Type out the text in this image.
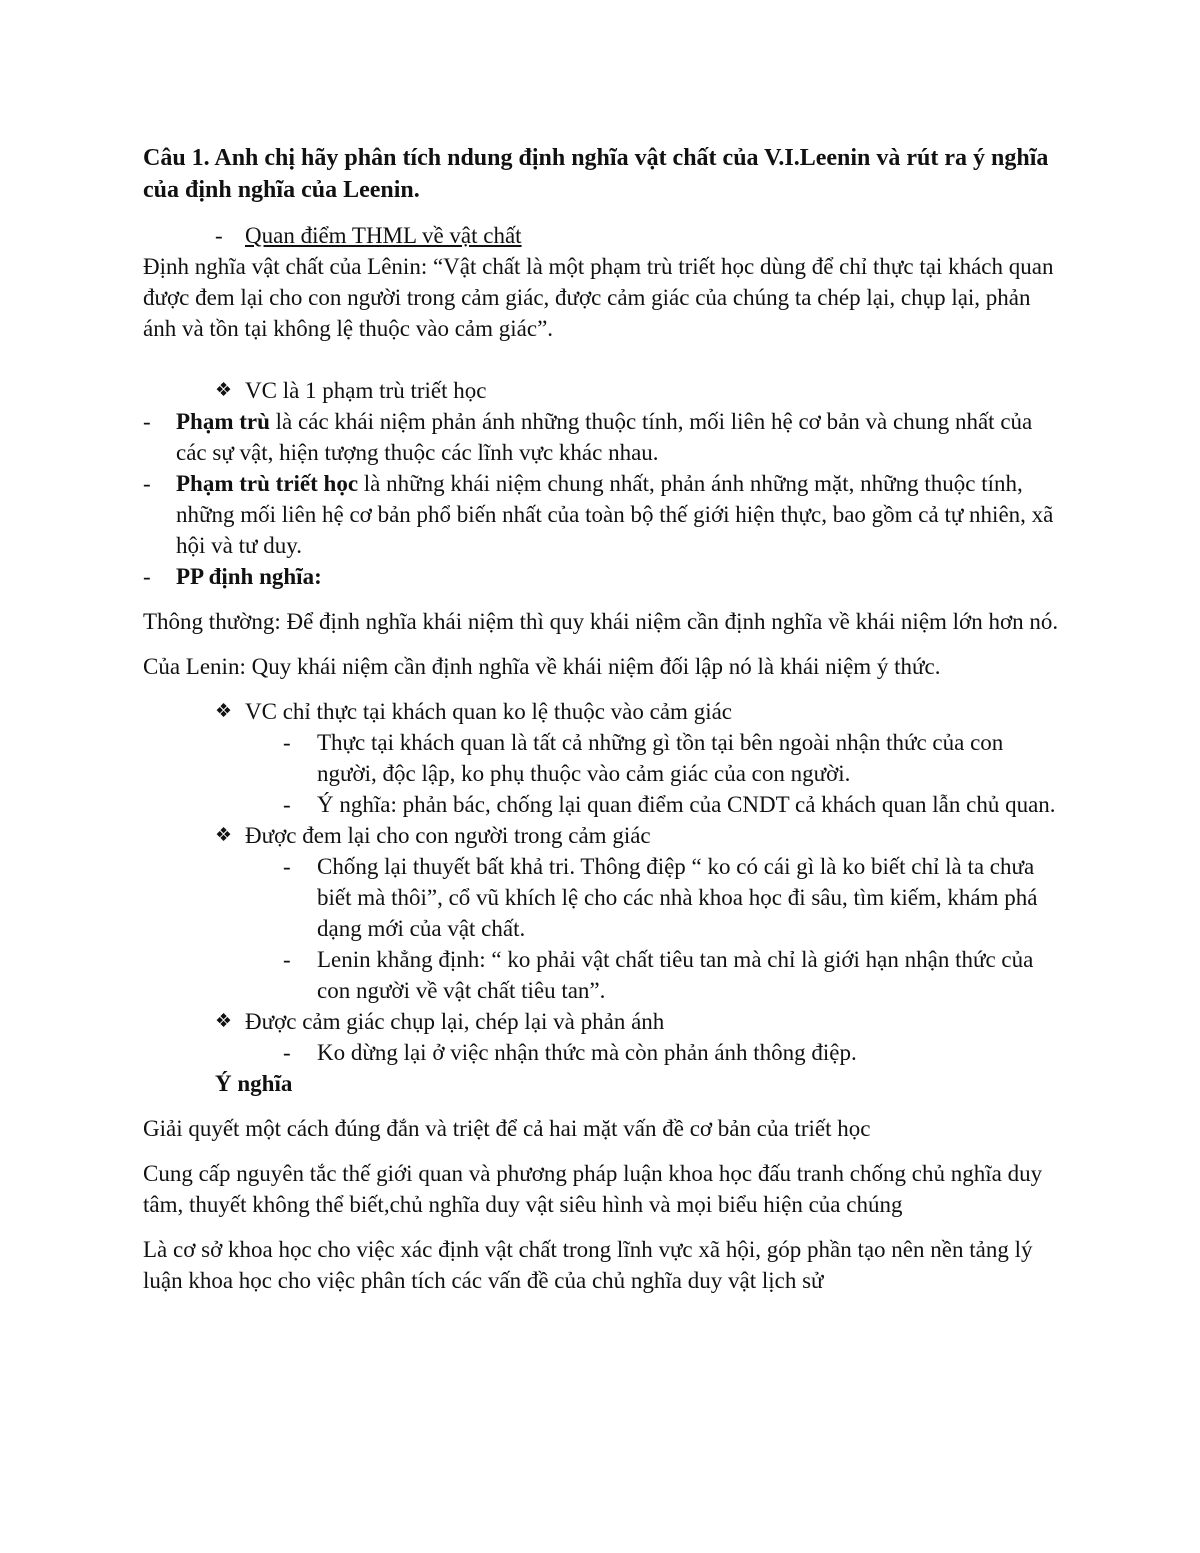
Câu 1. Anh chị hãy phân tích ndung định nghĩa vật chất của V.I.Leenin và rút ra ý nghĩa của định nghĩa của Leenin.

- Quan điểm THML về vật chất

Định nghĩa vật chất của Lênin: “Vật chất là một phạm trù triết học dùng để chỉ thực tại khách quan được đem lại cho con người trong cảm giác, được cảm giác của chúng ta chép lại, chụp lại, phản ánh và tồn tại không lệ thuộc vào cảm giác”.

❖ VC là 1 phạm trù triết học
- Phạm trù là các khái niệm phản ánh những thuộc tính, mối liên hệ cơ bản và chung nhất của các sự vật, hiện tượng thuộc các lĩnh vực khác nhau.
- Phạm trù triết học là những khái niệm chung nhất, phản ánh những mặt, những thuộc tính, những mối liên hệ cơ bản phổ biến nhất của toàn bộ thế giới hiện thực, bao gồm cả tự nhiên, xã hội và tư duy.
- PP định nghĩa:

Thông thường: Để định nghĩa khái niệm thì quy khái niệm cần định nghĩa về khái niệm lớn hơn nó.

Của Lenin: Quy khái niệm cần định nghĩa về khái niệm đối lập nó là khái niệm ý thức.

❖ VC chỉ thực tại khách quan ko lệ thuộc vào cảm giác
- Thực tại khách quan là tất cả những gì tồn tại bên ngoài nhận thức của con người, độc lập, ko phụ thuộc vào cảm giác của con người.
- Ý nghĩa: phản bác, chống lại quan điểm của CNDT cả khách quan lẫn chủ quan.
❖ Được đem lại cho con người trong cảm giác
- Chống lại thuyết bất khả tri. Thông điệp “ ko có cái gì là ko biết chỉ là ta chưa biết mà thôi”, cổ vũ khích lệ cho các nhà khoa học đi sâu, tìm kiếm, khám phá dạng mới của vật chất.
- Lenin khẳng định: “ ko phải vật chất tiêu tan mà chỉ là giới hạn nhận thức của con người về vật chất tiêu tan”.
❖ Được cảm giác chụp lại, chép lại và phản ánh
- Ko dừng lại ở việc nhận thức mà còn phản ánh thông điệp.

Ý nghĩa

Giải quyết một cách đúng đắn và triệt để cả hai mặt vấn đề cơ bản của triết học

Cung cấp nguyên tắc thế giới quan và phương pháp luận khoa học đấu tranh chống chủ nghĩa duy tâm, thuyết không thể biết,chủ nghĩa duy vật siêu hình và mọi biểu hiện của chúng

Là cơ sở khoa học cho việc xác định vật chất trong lĩnh vực xã hội, góp phần tạo nên nền tảng lý luận khoa học cho việc phân tích các vấn đề của chủ nghĩa duy vật lịch sử
